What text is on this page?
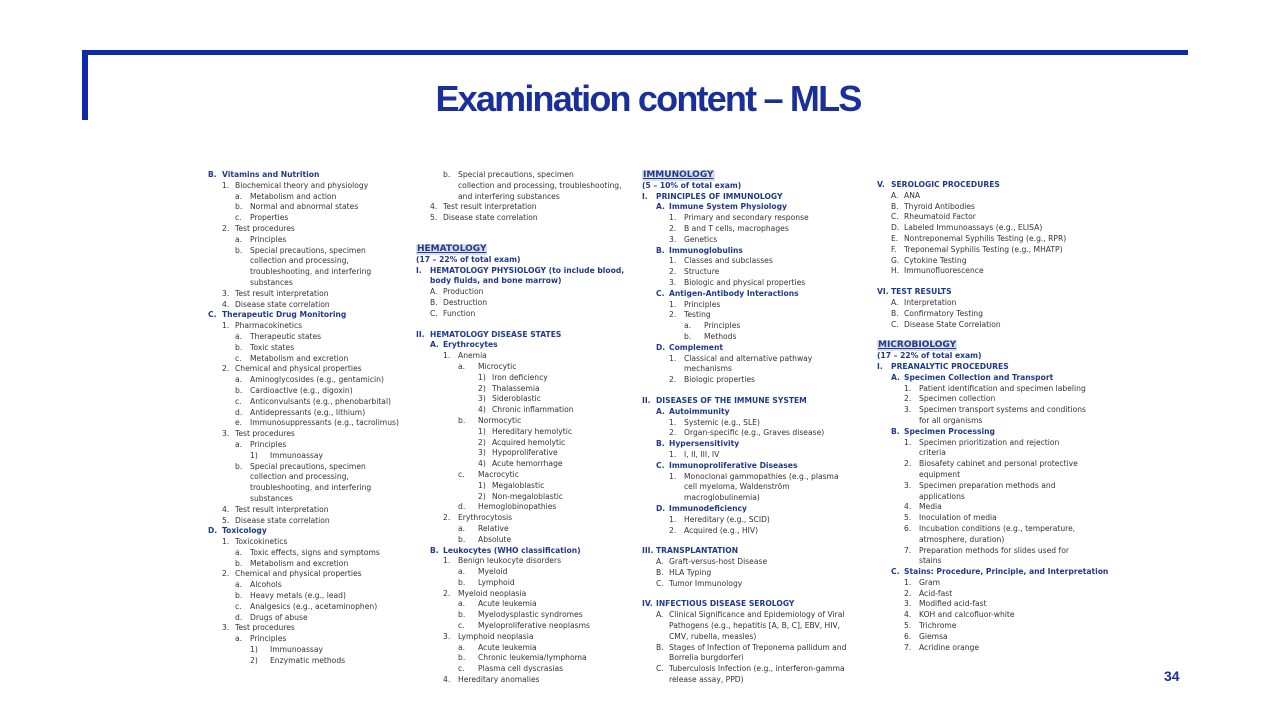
Examination content – MLS
B. Vitamins and Nutrition
1. Biochemical theory and physiology
a. Metabolism and action
b. Normal and abnormal states
c. Properties
2. Test procedures
a. Principles
b. Special precautions, specimen
collection and processing,
troubleshooting, and interfering
substances
3. Test result interpretation
4. Disease state correlation
C. Therapeutic Drug Monitoring
1. Pharmacokinetics
a. Therapeutic states
b. Toxic states
c. Metabolism and excretion
2. Chemical and physical properties
a. Aminoglycosides (e.g., gentamicin)
b. Cardioactive (e.g., digoxin)
c. Anticonvulsants (e.g., phenobarbital)
d. Antidepressants (e.g., lithium)
e. Immunosuppressants (e.g., tacrolimus)
3. Test procedures
a. Principles
1) Immunoassay
b. Special precautions, specimen
collection and processing,
troubleshooting, and interfering
substances
4. Test result interpretation
5. Disease state correlation
D. Toxicology
1. Toxicokinetics
a. Toxic effects, signs and symptoms
b. Metabolism and excretion
2. Chemical and physical properties
a. Alcohols
b. Heavy metals (e.g., lead)
c. Analgesics (e.g., acetaminophen)
d. Drugs of abuse
3. Test procedures
a. Principles
1) Immunoassay
2) Enzymatic methods
b. Special precautions, specimen
collection and processing, troubleshooting,
and interfering substances
4. Test result interpretation
5. Disease state correlation
HEMATOLOGY
(17 – 22% of total exam)
I. HEMATOLOGY PHYSIOLOGY (to include blood,
body fluids, and bone marrow)
A. Production
B. Destruction
C. Function
II. HEMATOLOGY DISEASE STATES
A. Erythrocytes
1. Anemia
a. Microcytic
1) Iron deficiency
2) Thalassemia
3) Sideroblastic
4) Chronic inflammation
b. Normocytic
1) Hereditary hemolytic
2) Acquired hemolytic
3) Hypoproliferative
4) Acute hemorrhage
c. Macrocytic
1) Megaloblastic
2) Non-megaloblastic
d. Hemoglobinopathies
2. Erythrocytosis
a. Relative
b. Absolute
B. Leukocytes (WHO classification)
1. Benign leukocyte disorders
a. Myeloid
b. Lymphoid
2. Myeloid neoplasia
a. Acute leukemia
b. Myelodysplastic syndromes
c. Myeloproliferative neoplasms
3. Lymphoid neoplasia
a. Acute leukemia
b. Chronic leukemia/lymphoma
c. Plasma cell dyscrasias
4. Hereditary anomalies
IMMUNOLOGY
(5 – 10% of total exam)
I. PRINCIPLES OF IMMUNOLOGY
A. Immune System Physiology
1. Primary and secondary response
2. B and T cells, macrophages
3. Genetics
B. Immunoglobulins
1. Classes and subclasses
2. Structure
3. Biologic and physical properties
C. Antigen-Antibody Interactions
1. Principles
2. Testing
a. Principles
b. Methods
D. Complement
1. Classical and alternative pathway
mechanisms
2. Biologic properties
II. DISEASES OF THE IMMUNE SYSTEM
A. Autoimmunity
1. Systemic (e.g., SLE)
2. Organ-specific (e.g., Graves disease)
B. Hypersensitivity
1. I, II, III, IV
C. Immunoproliferative Diseases
1. Monoclonal gammopathies (e.g., plasma
cell myeloma, Waldenström
macroglobulinemia)
D. Immunodeficiency
1. Hereditary (e.g., SCID)
2. Acquired (e.g., HIV)
III. TRANSPLANTATION
A. Graft-versus-host Disease
B. HLA Typing
C. Tumor Immunology
IV. INFECTIOUS DISEASE SEROLOGY
A. Clinical Significance and Epidemiology of Viral
Pathogens (e.g., hepatitis [A, B, C], EBV, HIV,
CMV, rubella, measles)
B. Stages of Infection of Treponema pallidum and
Borrelia burgdorferi
C. Tuberculosis Infection (e.g., interferon-gamma
release assay, PPD)
V. SEROLOGIC PROCEDURES
A. ANA
B. Thyroid Antibodies
C. Rheumatoid Factor
D. Labeled Immunoassays (e.g., ELISA)
E. Nontreponemal Syphilis Testing (e.g., RPR)
F. Treponemal Syphilis Testing (e.g., MHATP)
G. Cytokine Testing
H. Immunofluorescence
VI. TEST RESULTS
A. Interpretation
B. Confirmatory Testing
C. Disease State Correlation
MICROBIOLOGY
(17 – 22% of total exam)
I. PREANALYTIC PROCEDURES
A. Specimen Collection and Transport
1. Patient identification and specimen labeling
2. Specimen collection
3. Specimen transport systems and conditions
for all organisms
B. Specimen Processing
1. Specimen prioritization and rejection
criteria
2. Biosafety cabinet and personal protective
equipment
3. Specimen preparation methods and
applications
4. Media
5. Inoculation of media
6. Incubation conditions (e.g., temperature,
atmosphere, duration)
7. Preparation methods for slides used for
stains
C. Stains: Procedure, Principle, and Interpretation
1. Gram
2. Acid-fast
3. Modified acid-fast
4. KOH and calcofluor-white
5. Trichrome
6. Giemsa
7. Acridine orange
34
